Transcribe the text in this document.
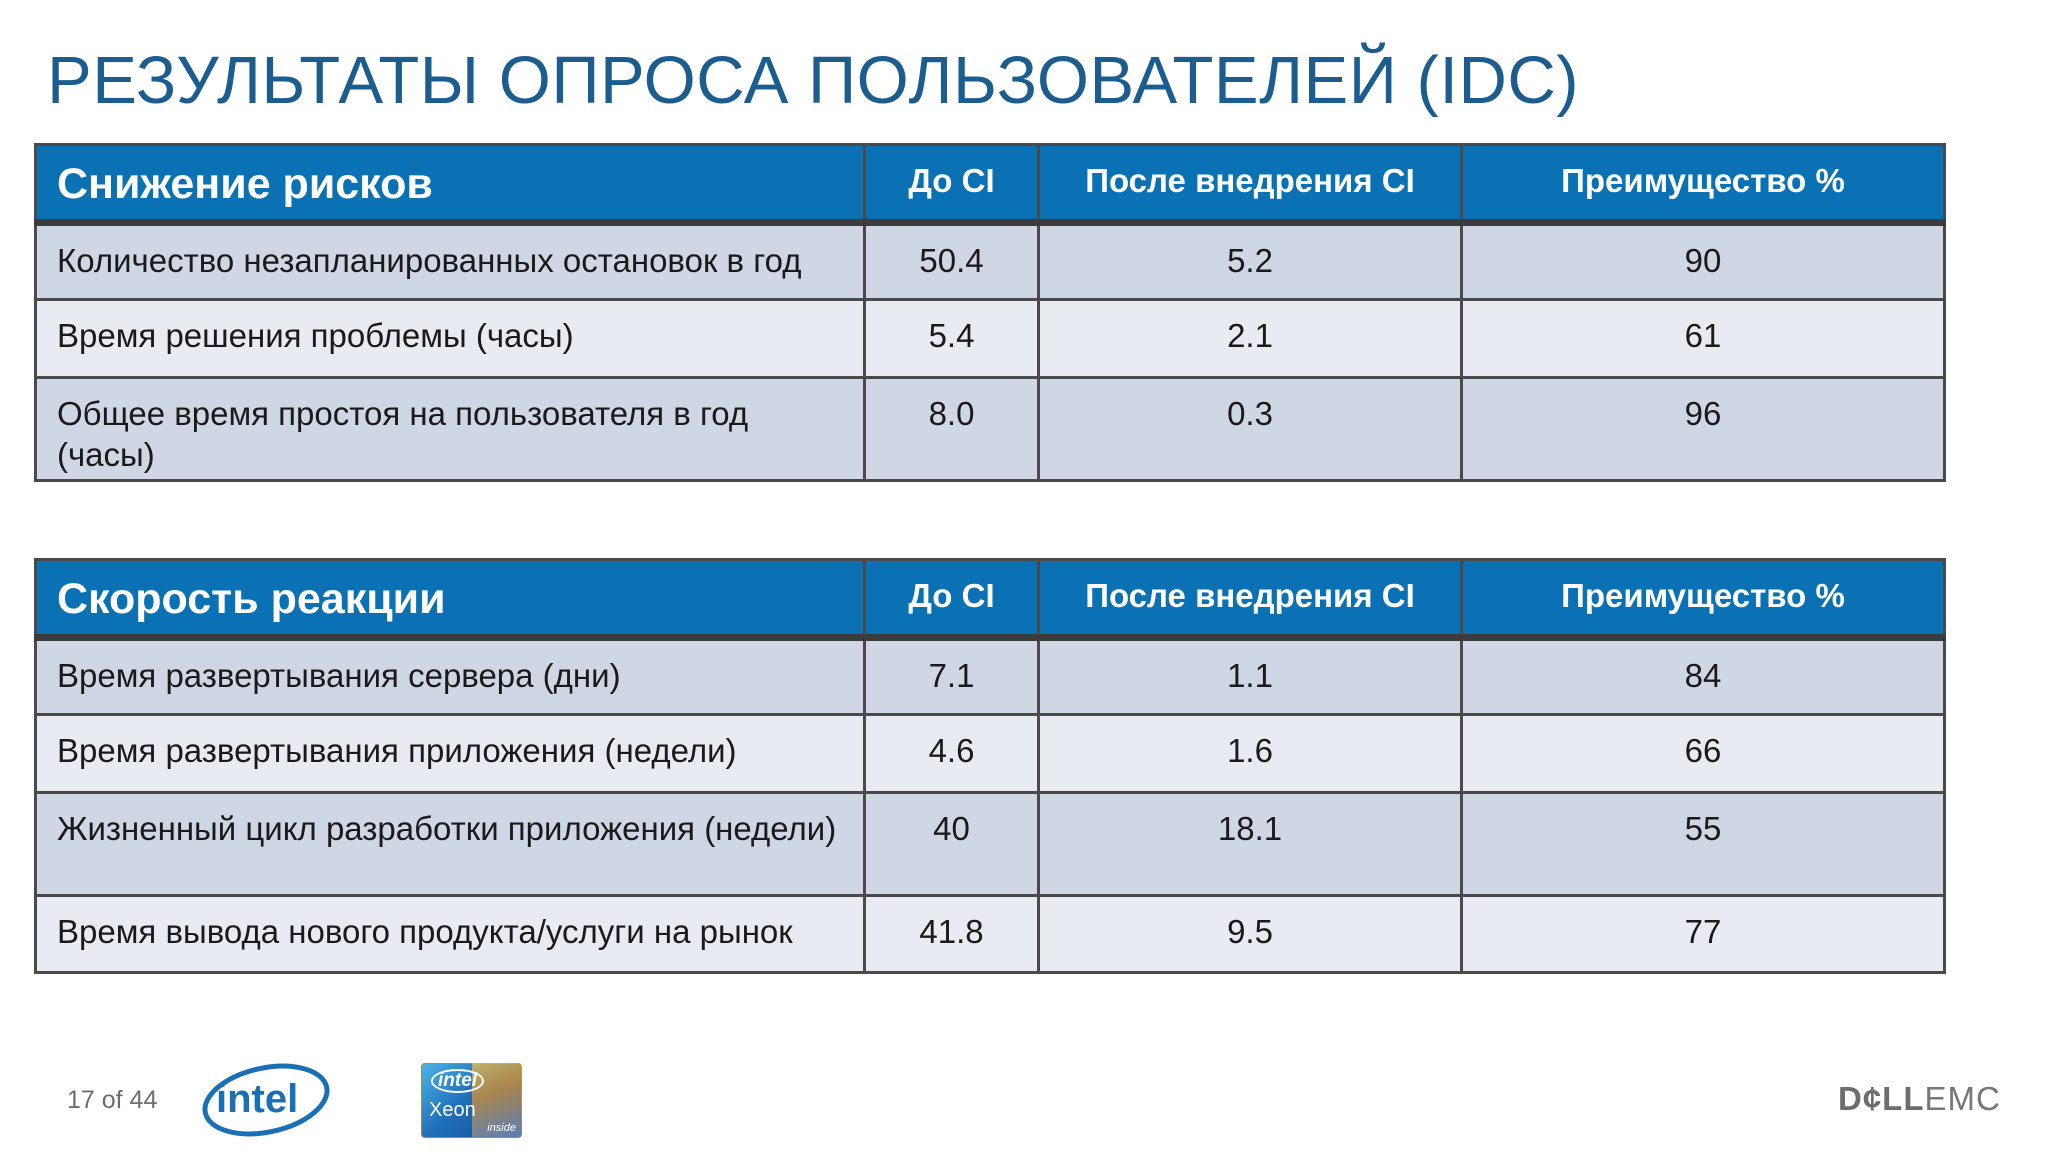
РЕЗУЛЬТАТЫ ОПРОСА ПОЛЬЗОВАТЕЛЕЙ (IDC)
Снижение рисков	До CI	После внедрения CI	Преимущество %
Количество незапланированных остановок в год	50.4	5.2	90
Время решения проблемы (часы)	5.4	2.1	61
Общее время простоя на пользователя в год (часы)	8.0	0.3	96
Скорость реакции	До CI	После внедрения CI	Преимущество %
Время развертывания сервера (дни)	7.1	1.1	84
Время развертывания приложения (недели)	4.6	1.6	66
Жизненный цикл разработки приложения (недели)	40	18.1	55
Время вывода нового продукта/услуги на рынок	41.8	9.5	77
17 of 44 intel	intel
Xeon
inside
D¢LLEMC
